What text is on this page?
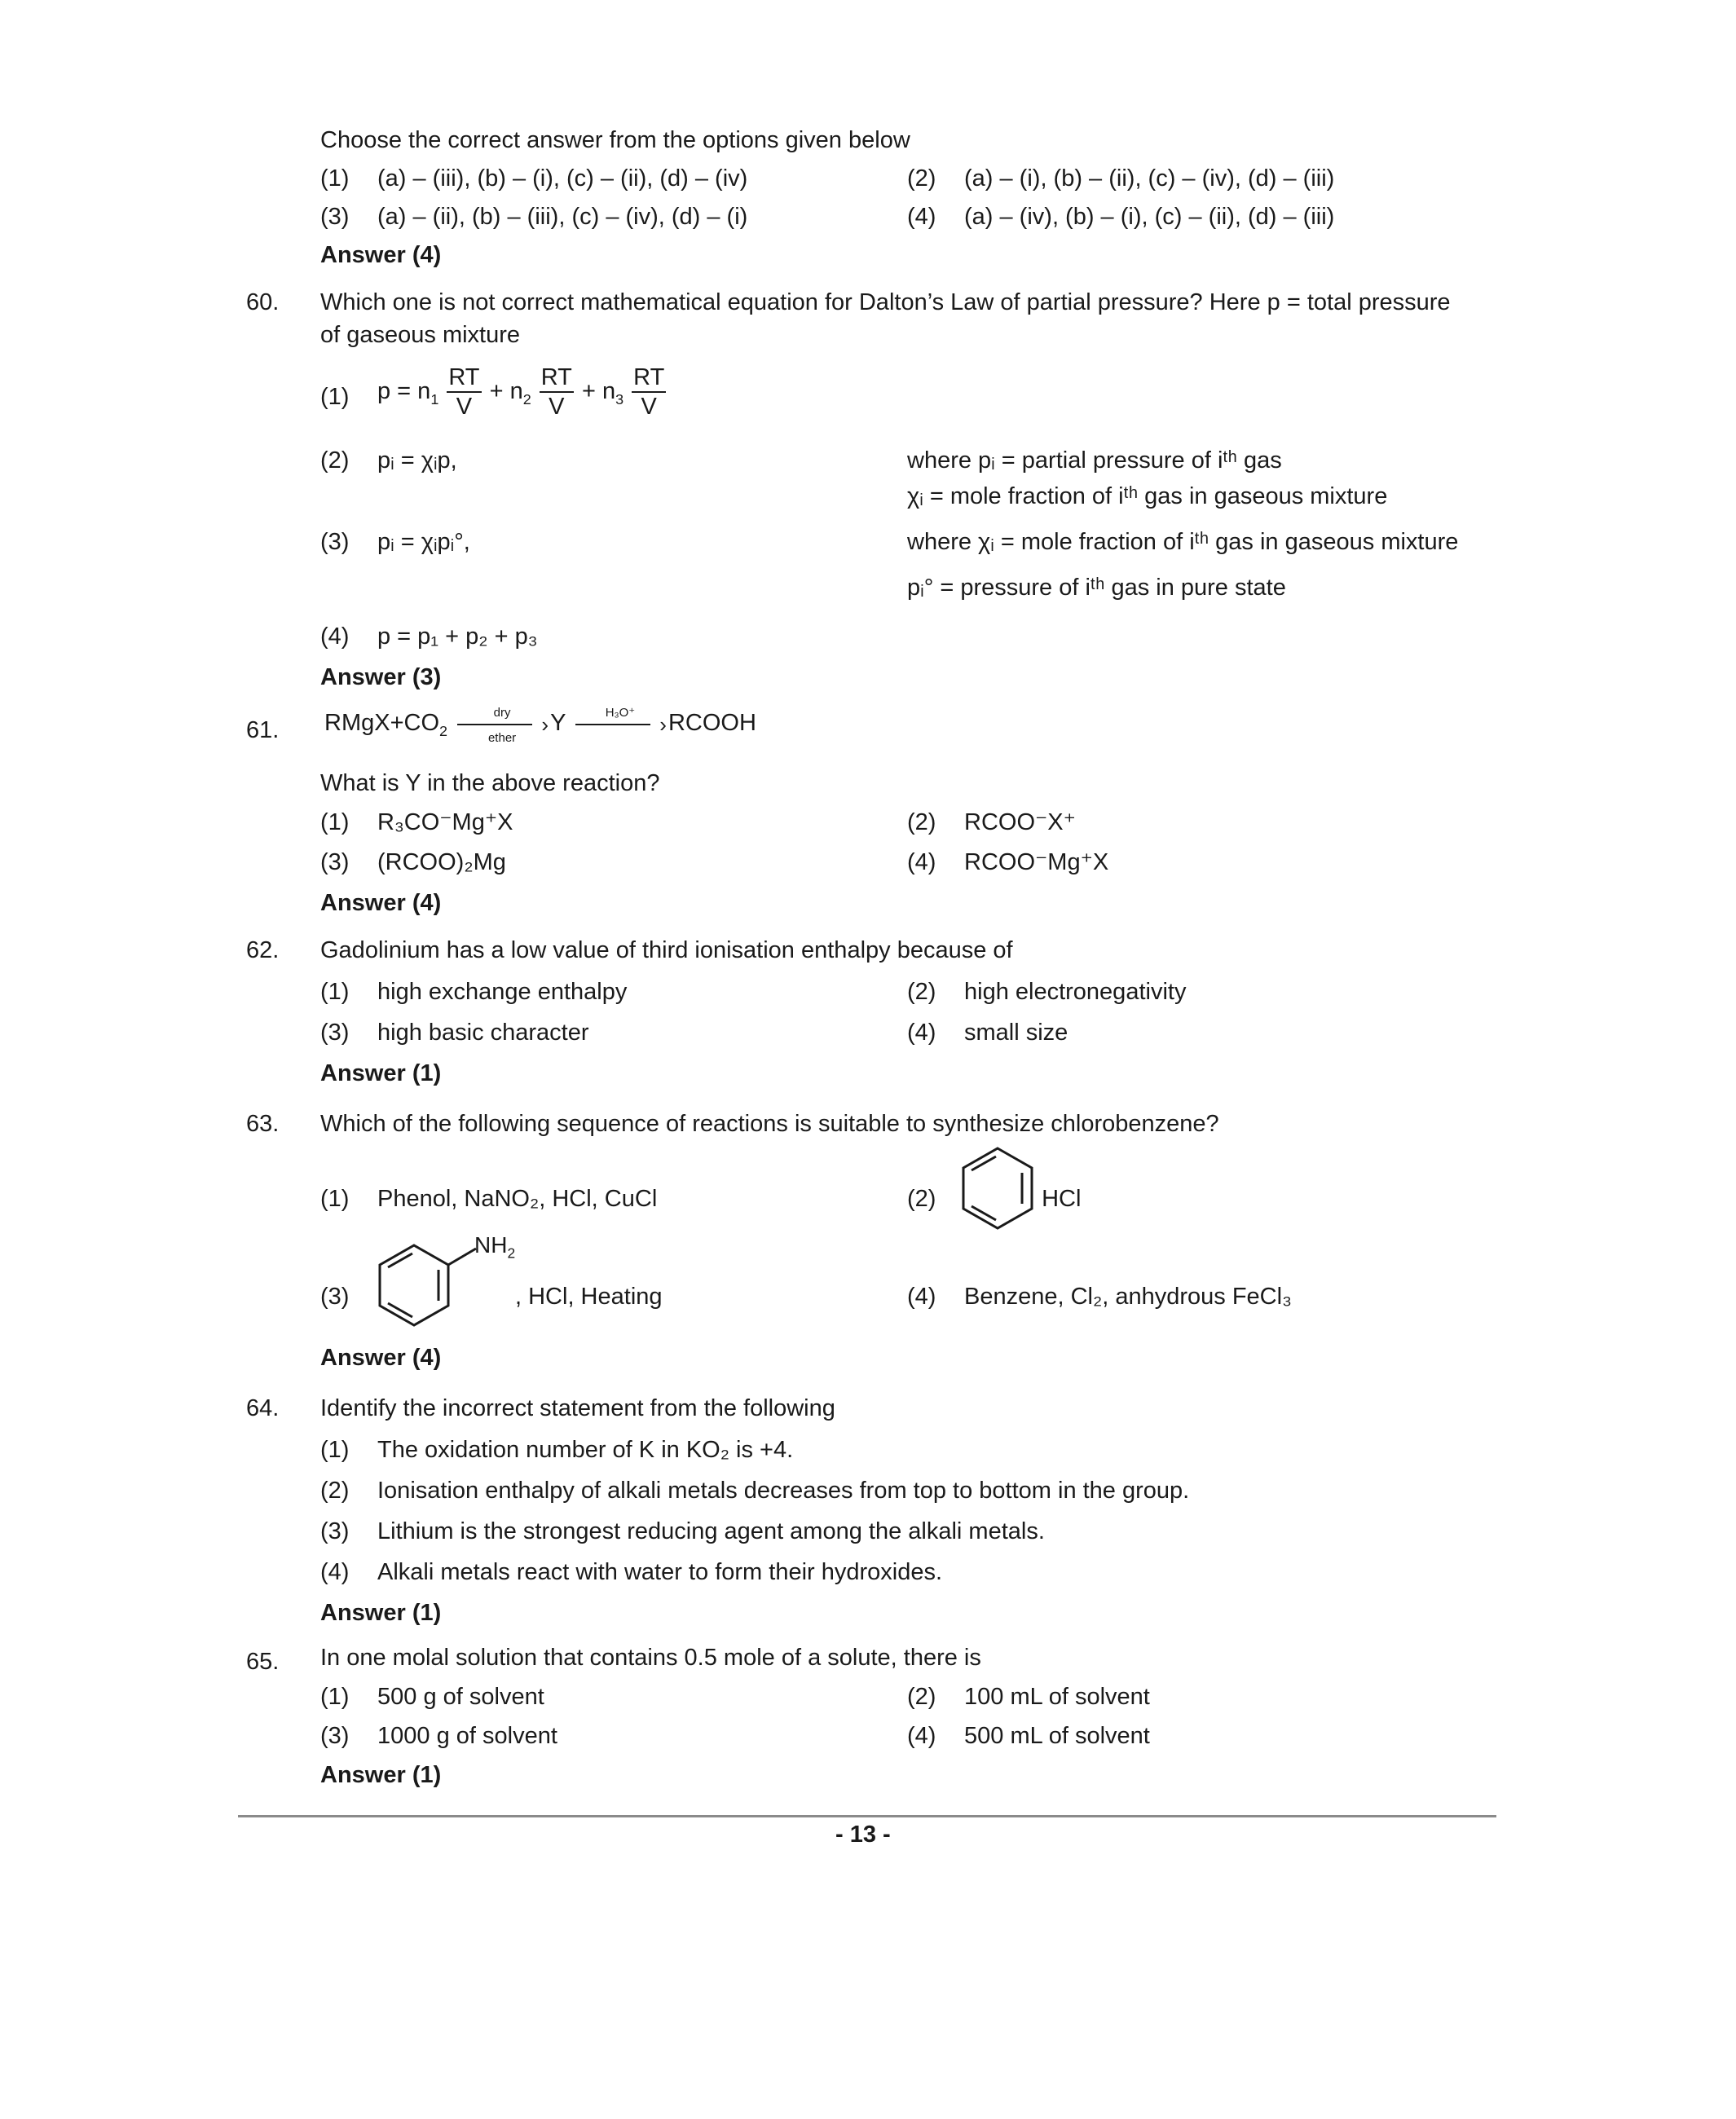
Choose the correct answer from the options given below
(1) (a) – (iii), (b) – (i), (c) – (ii), (d) – (iv)	(2) (a) – (i), (b) – (ii), (c) – (iv), (d) – (iii)
(3) (a) – (ii), (b) – (iii), (c) – (iv), (d) – (i)	(4) (a) – (iv), (b) – (i), (c) – (ii), (d) – (iii)
Answer (4)
60. Which one is not correct mathematical equation for Dalton’s Law of partial pressure? Here p = total pressure
of gaseous mixture
(1) $p = n_1 \frac{RT}{V} + n_2 \frac{RT}{V} + n_3 \frac{RT}{V}$
(2) pᵢ = χᵢp,	where pᵢ = partial pressure of iᵗʰ gas
χᵢ = mole fraction of iᵗʰ gas in gaseous mixture
(3) pᵢ = χᵢpᵢ°,	where χᵢ = mole fraction of iᵗʰ gas in gaseous mixture
pᵢ° = pressure of iᵗʰ gas in pure state
(4) p = p₁ + p₂ + p₃
Answer (3)
61. $RMgX+CO_2$
dry	›
ether
Y	H₃O⁺	› RCOOH
What is Y in the above reaction?
(1) R₃CO⁻Mg⁺X	(2) RCOO⁻X⁺
(3) (RCOO)₂Mg	(4) RCOO⁻Mg⁺X
Answer (4)
62. Gadolinium has a low value of third ionisation enthalpy because of
(1) high exchange enthalpy	(2) high electronegativity
(3) high basic character	(4) small size
Answer (1)
63. Which of the following sequence of reactions is suitable to synthesize chlorobenzene?
(1) Phenol, NaNO₂, HCl, CuCl	(2)	, HCl
(3)
$NH_2$
, HCl, Heating	(4) Benzene, Cl₂, anhydrous FeCl₃
Answer (4)
64. Identify the incorrect statement from the following
(1) The oxidation number of K in KO₂ is +4.
(2) Ionisation enthalpy of alkali metals decreases from top to bottom in the group.
(3) Lithium is the strongest reducing agent among the alkali metals.
(4) Alkali metals react with water to form their hydroxides.
Answer (1)
65. In one molal solution that contains 0.5 mole of a solute, there is
(1) 500 g of solvent	(2) 100 mL of solvent
(3) 1000 g of solvent	(4) 500 mL of solvent
Answer (1)
- 13 -
